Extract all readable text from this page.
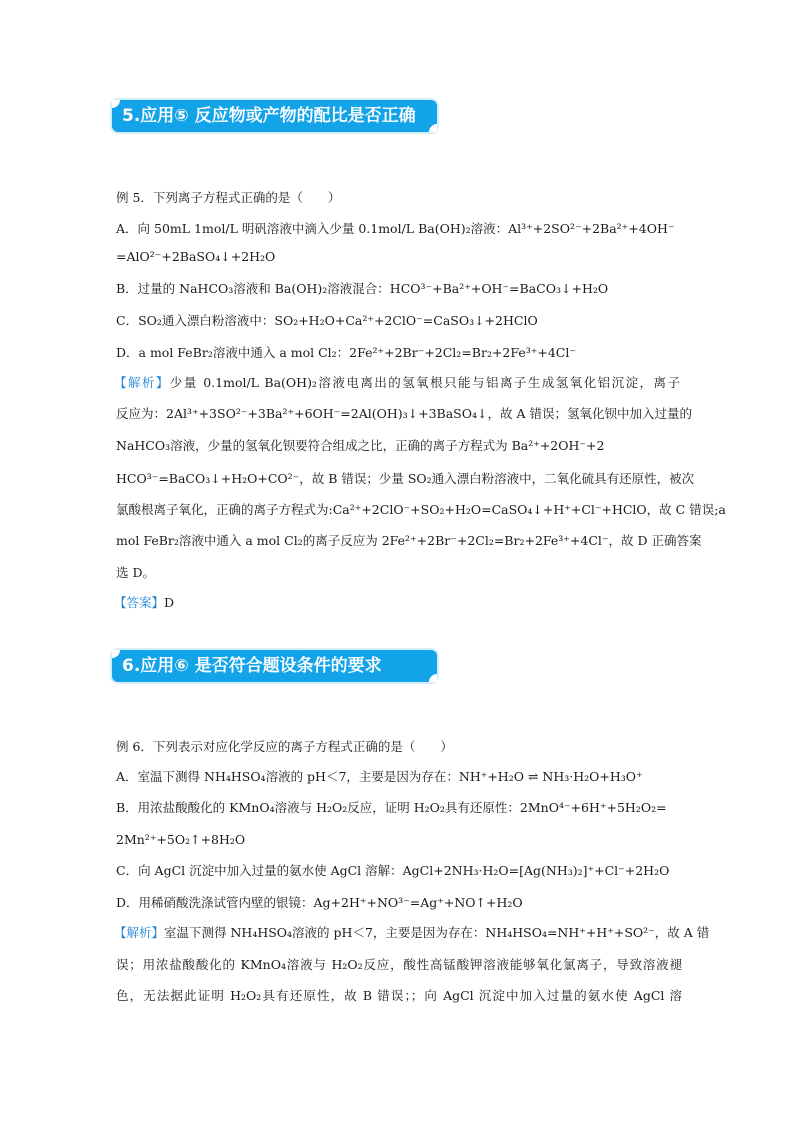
5.应用⑤ 反应物或产物的配比是否正确
例 5．下列离子方程式正确的是（　　）
A．向 50mL 1mol/L 明矾溶液中滴入少量 0.1mol/L Ba(OH)₂溶液：Al³⁺+2SO²⁻+2Ba²⁺+4OH⁻
=AlO²⁻+2BaSO₄↓+2H₂O
B．过量的 NaHCO₃溶液和 Ba(OH)₂溶液混合：HCO³⁻+Ba²⁺+OH⁻=BaCO₃↓+H₂O
C．SO₂通入漂白粉溶液中：SO₂+H₂O+Ca²⁺+2ClO⁻=CaSO₃↓+2HClO
D．a mol FeBr₂溶液中通入 a mol Cl₂：2Fe²⁺+2Br⁻+2Cl₂=Br₂+2Fe³⁺+4Cl⁻
【解析】少量 0.1mol/L Ba(OH)₂溶液电离出的氢氧根只能与铝离子生成氢氧化铝沉淀，离子
反应为：2Al³⁺+3SO²⁻+3Ba²⁺+6OH⁻=2Al(OH)₃↓+3BaSO₄↓，故 A 错误；氢氧化钡中加入过量的
NaHCO₃溶液，少量的氢氧化钡要符合组成之比，正确的离子方程式为 Ba²⁺+2OH⁻+2
HCO³⁻=BaCO₃↓+H₂O+CO²⁻，故 B 错误；少量 SO₂通入漂白粉溶液中，二氧化硫具有还原性，被次
氯酸根离子氧化，正确的离子方程式为:Ca²⁺+2ClO⁻+SO₂+H₂O=CaSO₄↓+H⁺+Cl⁻+HClO，故 C 错误;a
mol FeBr₂溶液中通入 a mol Cl₂的离子反应为 2Fe²⁺+2Br⁻+2Cl₂=Br₂+2Fe³⁺+4Cl⁻，故 D 正确答案
选 D。
【答案】D
6.应用⑥ 是否符合题设条件的要求
例 6．下列表示对应化学反应的离子方程式正确的是（　　）
A．室温下测得 NH₄HSO₄溶液的 pH＜7，主要是因为存在：NH⁺+H₂O ⇌ NH₃·H₂O+H₃O⁺
B．用浓盐酸酸化的 KMnO₄溶液与 H₂O₂反应，证明 H₂O₂具有还原性：2MnO⁴⁻+6H⁺+5H₂O₂=
2Mn²⁺+5O₂↑+8H₂O
C．向 AgCl 沉淀中加入过量的氨水使 AgCl 溶解：AgCl+2NH₃·H₂O=[Ag(NH₃)₂]⁺+Cl⁻+2H₂O
D．用稀硝酸洗涤试管内壁的银镜：Ag+2H⁺+NO³⁻=Ag⁺+NO↑+H₂O
【解析】室温下测得 NH₄HSO₄溶液的 pH＜7，主要是因为存在：NH₄HSO₄=NH⁺+H⁺+SO²⁻，故 A 错
误；用浓盐酸酸化的 KMnO₄溶液与 H₂O₂反应，酸性高锰酸钾溶液能够氧化氯离子，导致溶液褪
色，无法据此证明 H₂O₂具有还原性，故 B 错误；；向 AgCl 沉淀中加入过量的氨水使 AgCl 溶
